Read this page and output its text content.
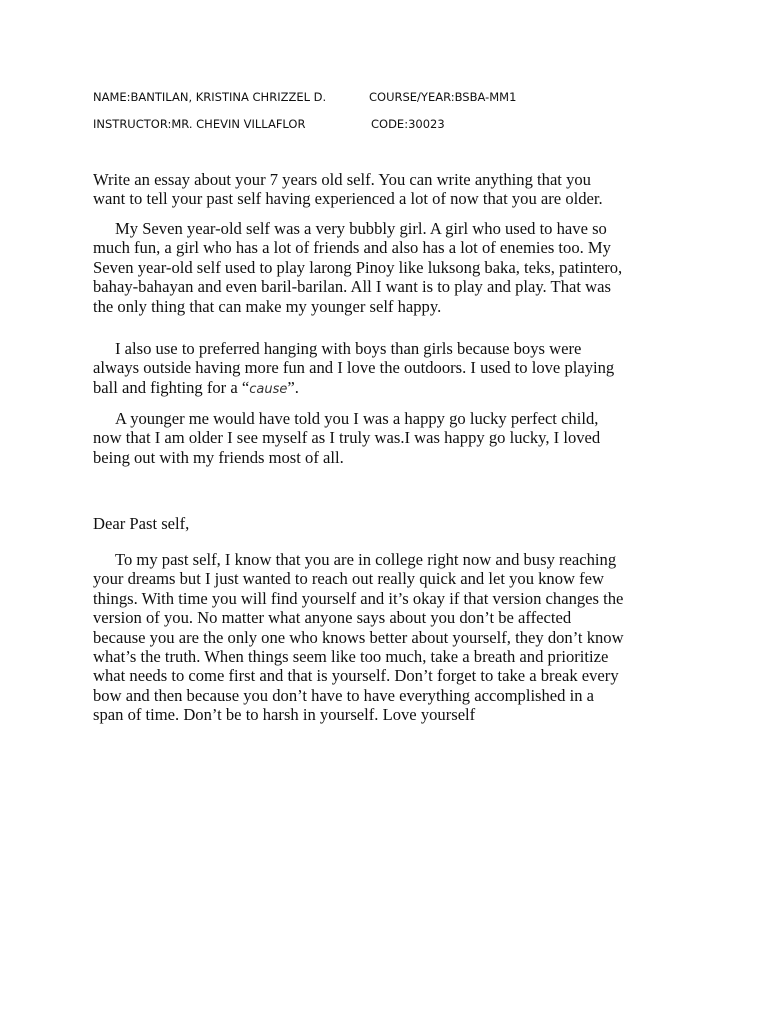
NAME:BANTILAN, KRISTINA CHRIZZEL D.	COURSE/YEAR:BSBA-MM1
INSTRUCTOR:MR. CHEVIN VILLAFLOR	CODE:30023
Write an essay about your 7 years old self. You can write anything that you
want to tell your past self having experienced a lot of now that you are older.
My Seven year-old self was a very bubbly girl. A girl who used to have so
much fun, a girl who has a lot of friends and also has a lot of enemies too. My
Seven year-old self used to play larong Pinoy like luksong baka, teks, patintero,
bahay-bahayan and even baril-barilan. All I want is to play and play. That was
the only thing that can make my younger self happy.
I also use to preferred hanging with boys than girls because boys were
always outside having more fun and I love the outdoors. I used to love playing
ball and fighting for a “cause”.
A younger me would have told you I was a happy go lucky perfect child,
now that I am older I see myself as I truly was.I was happy go lucky, I loved
being out with my friends most of all.
Dear Past self,
To my past self, I know that you are in college right now and busy reaching
your dreams but I just wanted to reach out really quick and let you know few
things. With time you will find yourself and it’s okay if that version changes the
version of you. No matter what anyone says about you don’t be affected
because you are the only one who knows better about yourself, they don’t know
what’s the truth. When things seem like too much, take a breath and prioritize
what needs to come first and that is yourself. Don’t forget to take a break every
bow and then because you don’t have to have everything accomplished in a
span of time. Don’t be to harsh in yourself. Love yourself
